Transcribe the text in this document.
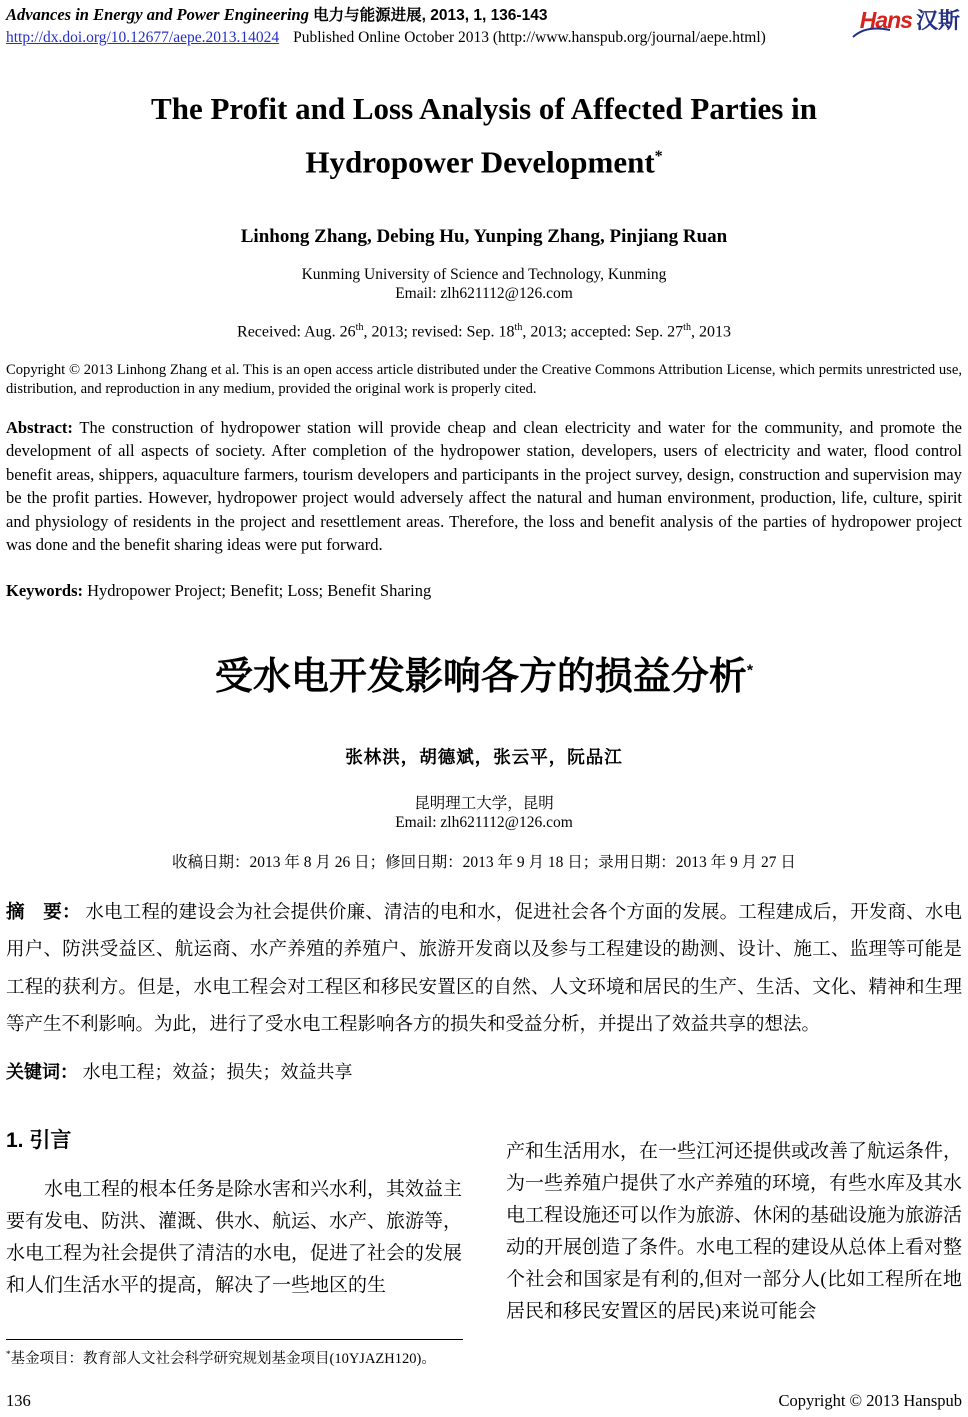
Advances in Energy and Power Engineering 电力与能源进展, 2013, 1, 136-143
http://dx.doi.org/10.12677/aepe.2013.14024 Published Online October 2013 (http://www.hanspub.org/journal/aepe.html)
Hans 汉斯
The Profit and Loss Analysis of Affected Parties in
Hydropower Development*
Linhong Zhang, Debing Hu, Yunping Zhang, Pinjiang Ruan
Kunming University of Science and Technology, Kunming
Email: zlh621112@126.com
Received: Aug. 26th, 2013; revised: Sep. 18th, 2013; accepted: Sep. 27th, 2013
Copyright © 2013 Linhong Zhang et al. This is an open access article distributed under the Creative Commons Attribution License, which permits unrestricted use, distribution, and reproduction in any medium, provided the original work is properly cited.
Abstract: The construction of hydropower station will provide cheap and clean electricity and water for the community, and promote the development of all aspects of society. After completion of the hydropower station, developers, users of electricity and water, flood control benefit areas, shippers, aquaculture farmers, tourism developers and participants in the project survey, design, construction and supervision may be the profit parties. However, hydropower project would adversely affect the natural and human environment, production, life, culture, spirit and physiology of residents in the project and resettlement areas. Therefore, the loss and benefit analysis of the parties of hydropower project was done and the benefit sharing ideas were put forward.
Keywords: Hydropower Project; Benefit; Loss; Benefit Sharing
受水电开发影响各方的损益分析*
张林洪，胡德斌，张云平，阮品江
昆明理工大学，昆明
Email: zlh621112@126.com
收稿日期：2013 年 8 月 26 日；修回日期：2013 年 9 月 18 日；录用日期：2013 年 9 月 27 日
摘　要： 水电工程的建设会为社会提供价廉、清洁的电和水，促进社会各个方面的发展。工程建成后，开发商、水电用户、防洪受益区、航运商、水产养殖的养殖户、旅游开发商以及参与工程建设的勘测、设计、施工、监理等可能是工程的获利方。但是，水电工程会对工程区和移民安置区的自然、人文环境和居民的生产、生活、文化、精神和生理等产生不利影响。为此，进行了受水电工程影响各方的损失和受益分析，并提出了效益共享的想法。
关键词： 水电工程；效益；损失；效益共享
1. 引言
水电工程的根本任务是除水害和兴水利，其效益主要有发电、防洪、灌溉、供水、航运、水产、旅游等，水电工程为社会提供了清洁的水电，促进了社会的发展和人们生活水平的提高，解决了一些地区的生
产和生活用水，在一些江河还提供或改善了航运条件，为一些养殖户提供了水产养殖的环境，有些水库及其水电工程设施还可以作为旅游、休闲的基础设施为旅游活动的开展创造了条件。水电工程的建设从总体上看对整个社会和国家是有利的,但对一部分人(比如工程所在地居民和移民安置区的居民)来说可能会
*基金项目：教育部人文社会科学研究规划基金项目(10YJAZH120)。
136	Copyright © 2013 Hanspub
